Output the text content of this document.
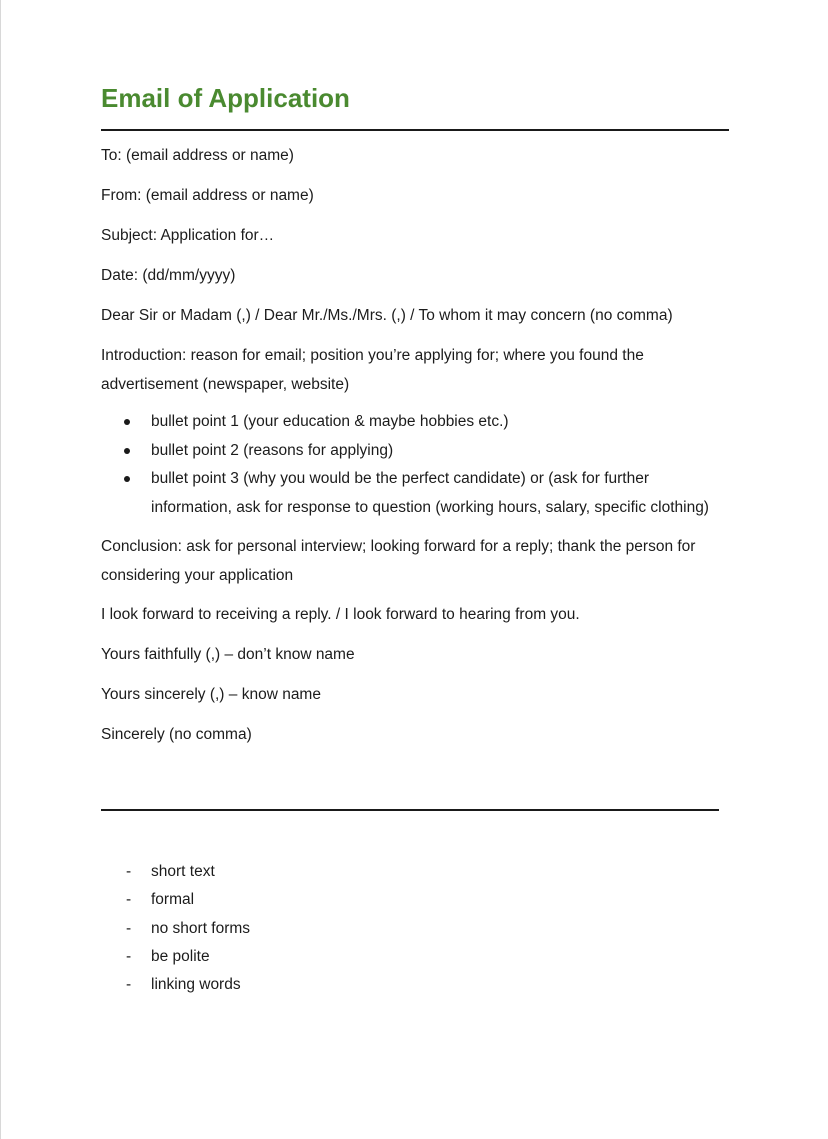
Email of Application

To: (email address or name)

From: (email address or name)

Subject: Application for…

Date: (dd/mm/yyyy)

Dear Sir or Madam (,) / Dear Mr./Ms./Mrs. (,) / To whom it may concern (no comma)

Introduction: reason for email; position you’re applying for; where you found the advertisement (newspaper, website)

bullet point 1 (your education & maybe hobbies etc.)
bullet point 2 (reasons for applying)
bullet point 3 (why you would be the perfect candidate) or (ask for further information, ask for response to question (working hours, salary, specific clothing)

Conclusion: ask for personal interview; looking forward for a reply; thank the person for considering your application

I look forward to receiving a reply. / I look forward to hearing from you.

Yours faithfully (,) – don’t know name

Yours sincerely (,) – know name

Sincerely (no comma)

- short text
- formal
- no short forms
- be polite
- linking words
